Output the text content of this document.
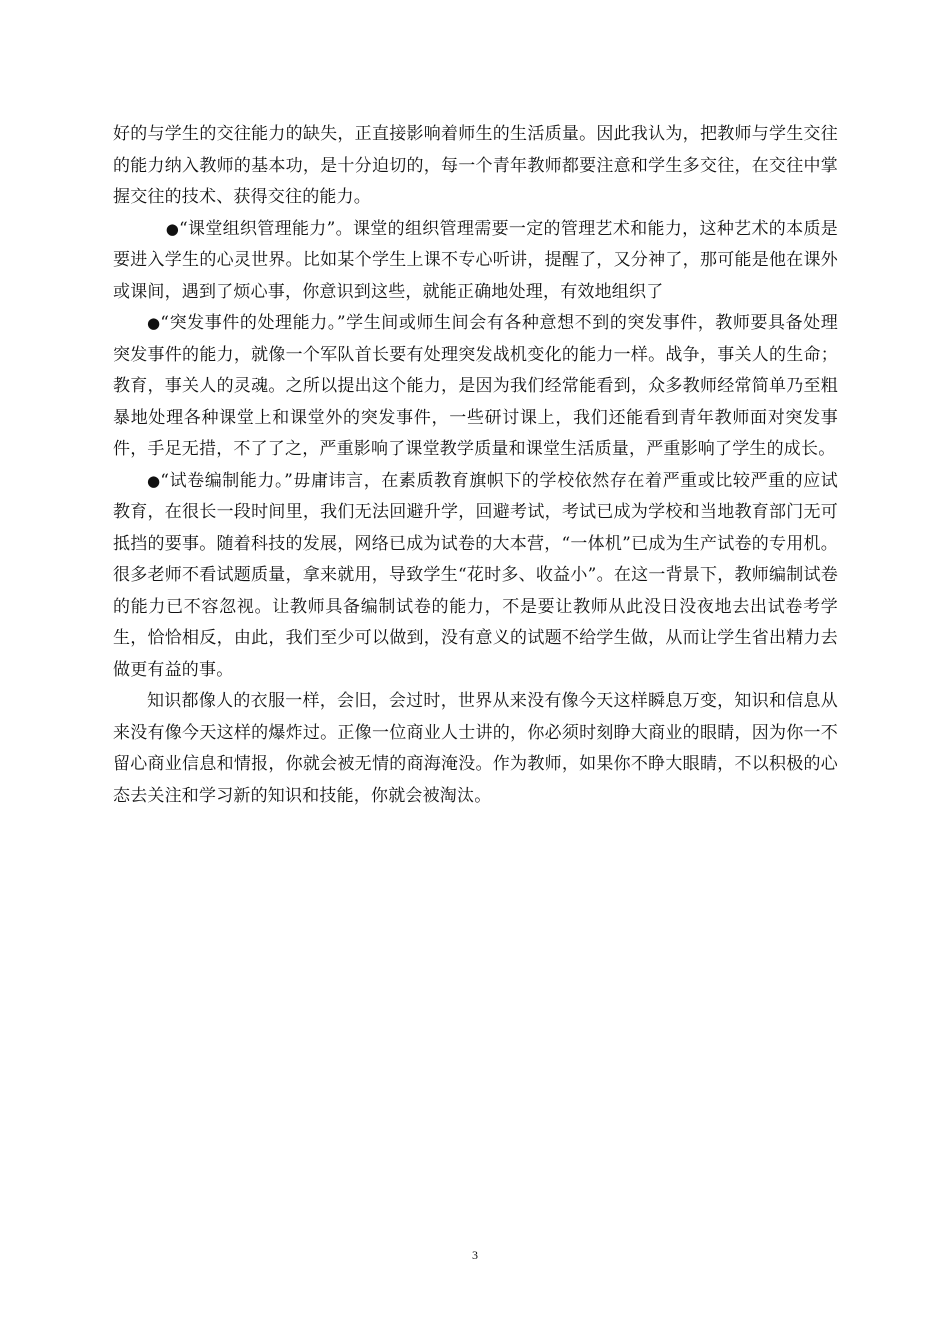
好的与学生的交往能力的缺失，正直接影响着师生的生活质量。因此我认为，把教师与学生交往的能力纳入教师的基本功，是十分迫切的，每一个青年教师都要注意和学生多交往，在交往中掌握交往的技术、获得交往的能力。

●“课堂组织管理能力”。课堂的组织管理需要一定的管理艺术和能力，这种艺术的本质是要进入学生的心灵世界。比如某个学生上课不专心听讲，提醒了，又分神了，那可能是他在课外或课间，遇到了烦心事，你意识到这些，就能正确地处理，有效地组织了

●“突发事件的处理能力。”学生间或师生间会有各种意想不到的突发事件，教师要具备处理突发事件的能力，就像一个军队首长要有处理突发战机变化的能力一样。战争，事关人的生命；教育，事关人的灵魂。之所以提出这个能力，是因为我们经常能看到，众多教师经常简单乃至粗暴地处理各种课堂上和课堂外的突发事件，一些研讨课上，我们还能看到青年教师面对突发事件，手足无措，不了了之，严重影响了课堂教学质量和课堂生活质量，严重影响了学生的成长。

●“试卷编制能力。”毋庸讳言，在素质教育旗帜下的学校依然存在着严重或比较严重的应试教育，在很长一段时间里，我们无法回避升学，回避考试，考试已成为学校和当地教育部门无可抵挡的要事。随着科技的发展，网络已成为试卷的大本营，“一体机”已成为生产试卷的专用机。很多老师不看试题质量，拿来就用，导致学生“花时多、收益小”。在这一背景下，教师编制试卷的能力已不容忽视。让教师具备编制试卷的能力，不是要让教师从此没日没夜地去出试卷考学生，恰恰相反，由此，我们至少可以做到，没有意义的试题不给学生做，从而让学生省出精力去做更有益的事。

知识都像人的衣服一样，会旧，会过时，世界从来没有像今天这样瞬息万变，知识和信息从来没有像今天这样的爆炸过。正像一位商业人士讲的，你必须时刻睁大商业的眼睛，因为你一不留心商业信息和情报，你就会被无情的商海淹没。作为教师，如果你不睁大眼睛，不以积极的心态去关注和学习新的知识和技能，你就会被淘汰。

3
